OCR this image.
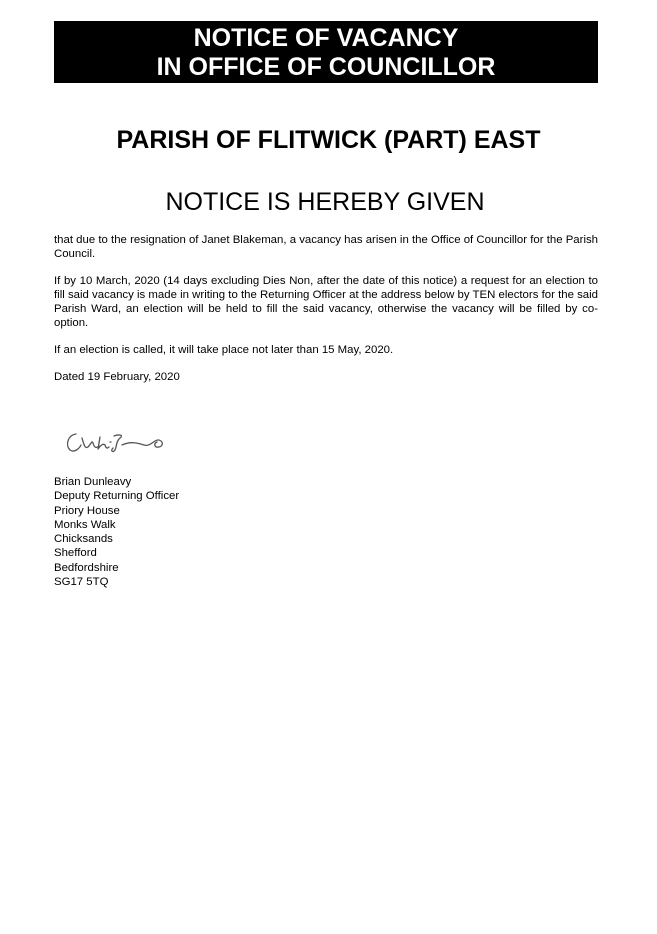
NOTICE OF VACANCY
IN OFFICE OF COUNCILLOR
PARISH OF FLITWICK (PART) EAST
NOTICE IS HEREBY GIVEN

that due to the resignation of Janet Blakeman, a vacancy has arisen in the Office of Councillor for the Parish Council.

If by 10 March, 2020 (14 days excluding Dies Non, after the date of this notice) a request for an election to fill said vacancy is made in writing to the Returning Officer at the address below by TEN electors for the said Parish Ward, an election will be held to fill the said vacancy, otherwise the vacancy will be filled by co-option.

If an election is called, it will take place not later than 15 May, 2020.

Dated 19 February, 2020

Brian Dunleavy
Deputy Returning Officer
Priory House
Monks Walk
Chicksands
Shefford
Bedfordshire
SG17 5TQ
